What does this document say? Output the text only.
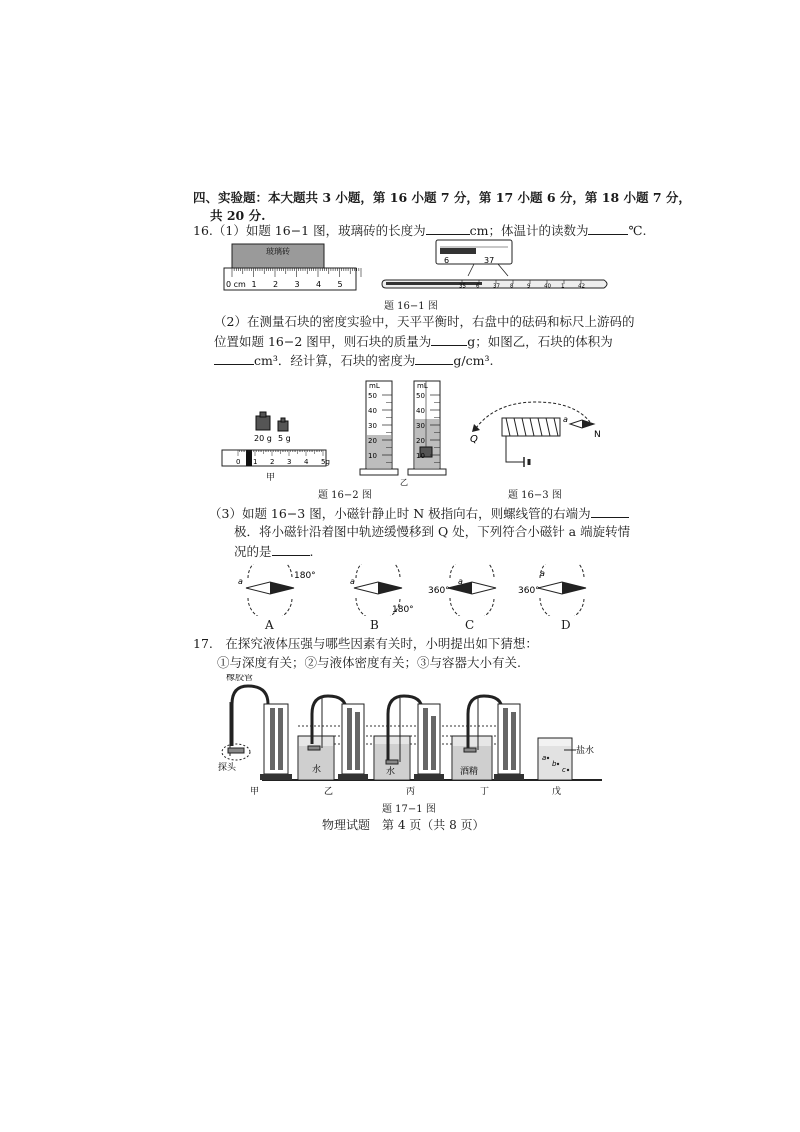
四、实验题：本大题共 3 小题，第 16 小题 7 分，第 17 小题 6 分，第 18 小题 7 分，
共 20 分.
16.（1）如题 16−1 图，玻璃砖的长度为	cm；体温计的读数为	℃.
玻璃砖
0 cm 1 2 3 4 5
6	37
35 6 37 8 9 40 1 42
题 16−1 图
（2）在测量石块的密度实验中，天平平衡时，右盘中的砝码和标尺上游码的
位置如题 16−2 图甲，则石块的质量为	g；如图乙，石块的体积为
cm³．经计算，石块的密度为	g/cm³.
20 g 5 g
0 1 2 3 4 5g
甲
mL
50
40
30
20
10
mL
50
40
30
20
10
乙
题 16−2 图
Q
a
N
题 16−3 图
（3）如题 16−3 图，小磁针静止时 N 极指向右，则螺线管的右端为
极．将小磁针沿着图中轨迹缓慢移到 Q 处，下列符合小磁针 a 端旋转情
况的是	.
a
180°
a
180°
a
360°
a
360°
A	B	C	D
17.　在探究液体压强与哪些因素有关时，小明提出如下猜想：
①与深度有关；②与液体密度有关；③与容器大小有关.
橡胶管
探头
甲
水
乙
水
丙
酒精
丁
盐水
a
b
c
戊
题 17−1 图
物理试题　第 4 页（共 8 页）
